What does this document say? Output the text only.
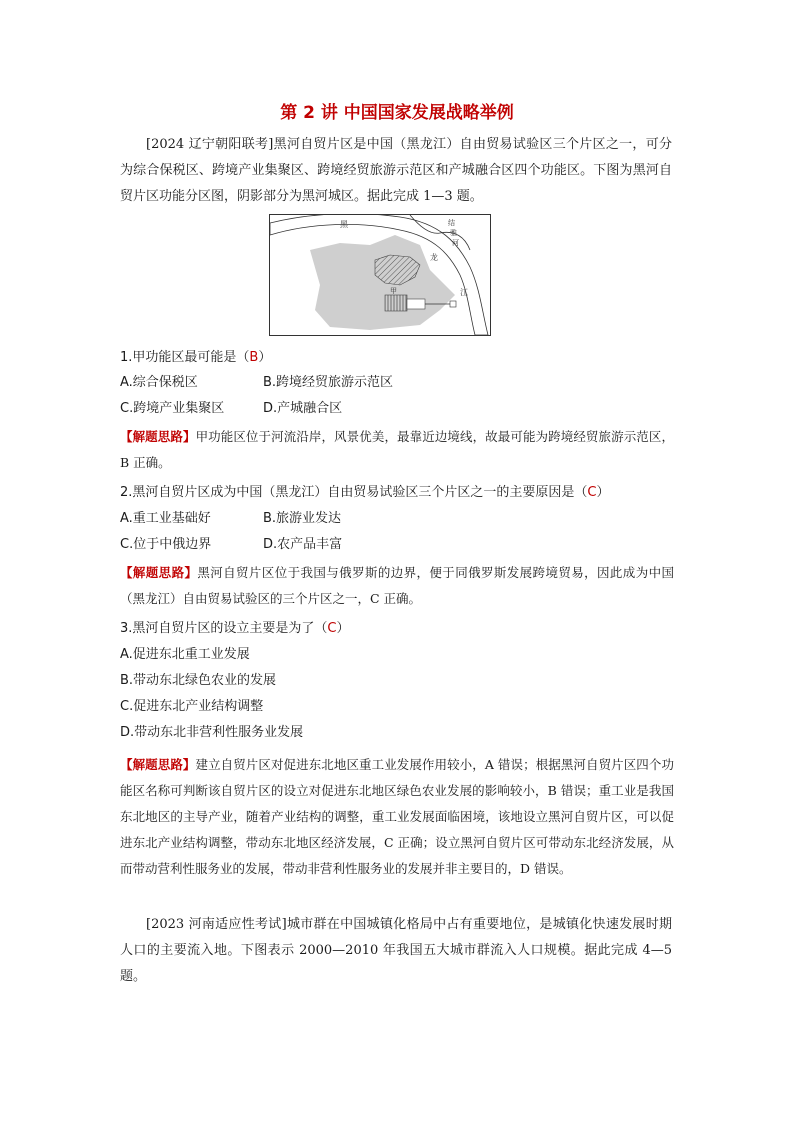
第 2 讲 中国国家发展战略举例

[2024 辽宁朝阳联考]黑河自贸片区是中国（黑龙江）自由贸易试验区三个片区之一，可分为综合保税区、跨境产业集聚区、跨境经贸旅游示范区和产城融合区四个功能区。下图为黑河自贸片区功能分区图，阴影部分为黑河城区。据此完成 1—3 题。

黑
龙
江
结
雅
河
甲

1.甲功能区最可能是（B）

A.综合保税区	B.跨境经贸旅游示范区
C.跨境产业集聚区	D.产城融合区

【解题思路】甲功能区位于河流沿岸，风景优美，最靠近边境线，故最可能为跨境经贸旅游示范区，B 正确。

2.黑河自贸片区成为中国（黑龙江）自由贸易试验区三个片区之一的主要原因是（C）

A.重工业基础好	B.旅游业发达
C.位于中俄边界	D.农产品丰富

【解题思路】黑河自贸片区位于我国与俄罗斯的边界，便于同俄罗斯发展跨境贸易，因此成为中国（黑龙江）自由贸易试验区的三个片区之一，C 正确。

3.黑河自贸片区的设立主要是为了（C）

A.促进东北重工业发展
B.带动东北绿色农业的发展
C.促进东北产业结构调整
D.带动东北非营利性服务业发展

【解题思路】建立自贸片区对促进东北地区重工业发展作用较小，A 错误；根据黑河自贸片区四个功能区名称可判断该自贸片区的设立对促进东北地区绿色农业发展的影响较小，B 错误；重工业是我国东北地区的主导产业，随着产业结构的调整，重工业发展面临困境，该地设立黑河自贸片区，可以促进东北产业结构调整，带动东北地区经济发展，C 正确；设立黑河自贸片区可带动东北经济发展，从而带动营利性服务业的发展，带动非营利性服务业的发展并非主要目的，D 错误。

[2023 河南适应性考试]城市群在中国城镇化格局中占有重要地位，是城镇化快速发展时期人口的主要流入地。下图表示 2000—2010 年我国五大城市群流入人口规模。据此完成 4—5 题。
